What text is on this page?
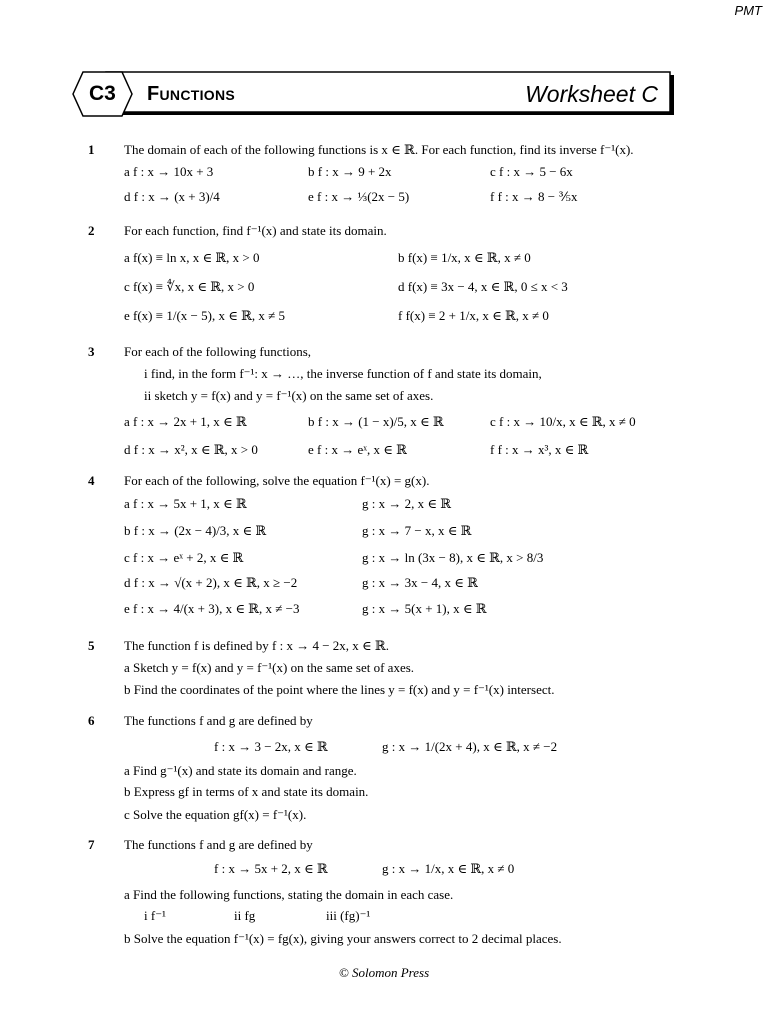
PMT
C3 Functions	Worksheet C
1 The domain of each of the following functions is x ∈ ℝ. For each function, find its inverse f⁻¹(x).
a f : x → 10x + 3	b f : x → 9 + 2x	c f : x → 5 − 6x
d f : x → (x + 3)/4	e f : x → ⅓(2x − 5)	f f : x → 8 − ⅗x
2 For each function, find f⁻¹(x) and state its domain.
a f(x) ≡ ln x, x ∈ ℝ, x > 0	b f(x) ≡ 1/x, x ∈ ℝ, x ≠ 0
c f(x) ≡ ∜x, x ∈ ℝ, x > 0	d f(x) ≡ 3x − 4, x ∈ ℝ, 0 ≤ x < 3
e f(x) ≡ 1/(x − 5), x ∈ ℝ, x ≠ 5	f f(x) ≡ 2 + 1/x, x ∈ ℝ, x ≠ 0
3 For each of the following functions,
i find, in the form f⁻¹: x → …, the inverse function of f and state its domain,
ii sketch y = f(x) and y = f⁻¹(x) on the same set of axes.
a f : x → 2x + 1, x ∈ ℝ	b f : x → (1 − x)/5, x ∈ ℝ	c f : x → 10/x, x ∈ ℝ, x ≠ 0
d f : x → x², x ∈ ℝ, x > 0	e f : x → eˣ, x ∈ ℝ	f f : x → x³, x ∈ ℝ
4 For each of the following, solve the equation f⁻¹(x) = g(x).
a f : x → 5x + 1, x ∈ ℝ	g : x → 2, x ∈ ℝ
b f : x → (2x − 4)/3, x ∈ ℝ	g : x → 7 − x, x ∈ ℝ
c f : x → eˣ + 2, x ∈ ℝ	g : x → ln (3x − 8), x ∈ ℝ, x > 8/3
d f : x → √(x + 2), x ∈ ℝ, x ≥ −2	g : x → 3x − 4, x ∈ ℝ
e f : x → 4/(x + 3), x ∈ ℝ, x ≠ −3	g : x → 5(x + 1), x ∈ ℝ
5 The function f is defined by f : x → 4 − 2x, x ∈ ℝ.
a Sketch y = f(x) and y = f⁻¹(x) on the same set of axes.
b Find the coordinates of the point where the lines y = f(x) and y = f⁻¹(x) intersect.
6 The functions f and g are defined by
f : x → 3 − 2x, x ∈ ℝ	g : x → 1/(2x + 4), x ∈ ℝ, x ≠ −2
a Find g⁻¹(x) and state its domain and range.
b Express gf in terms of x and state its domain.
c Solve the equation gf(x) = f⁻¹(x).
7 The functions f and g are defined by
f : x → 5x + 2, x ∈ ℝ	g : x → 1/x, x ∈ ℝ, x ≠ 0
a Find the following functions, stating the domain in each case.
i f⁻¹	ii fg	iii (fg)⁻¹
b Solve the equation f⁻¹(x) = fg(x), giving your answers correct to 2 decimal places.
© Solomon Press
